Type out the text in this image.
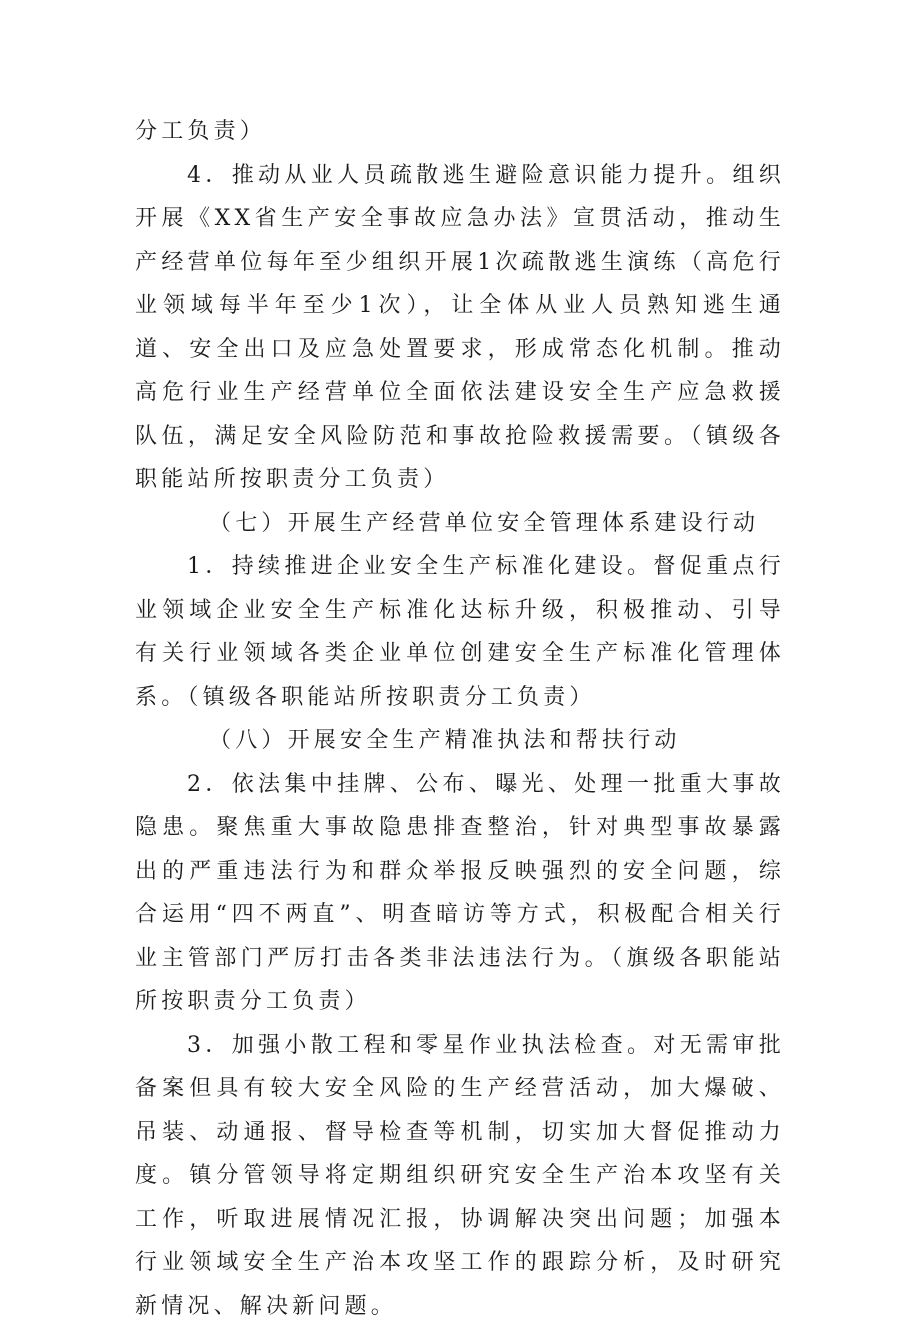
分工负责）

4．推动从业人员疏散逃生避险意识能力提升。组织开展《XX省生产安全事故应急办法》宣贯活动，推动生产经营单位每年至少组织开展1次疏散逃生演练（高危行业领域每半年至少1次），让全体从业人员熟知逃生通道、安全出口及应急处置要求，形成常态化机制。推动高危行业生产经营单位全面依法建设安全生产应急救援队伍，满足安全风险防范和事故抢险救援需要。（镇级各职能站所按职责分工负责）

（七）开展生产经营单位安全管理体系建设行动

1．持续推进企业安全生产标准化建设。督促重点行业领域企业安全生产标准化达标升级，积极推动、引导有关行业领域各类企业单位创建安全生产标准化管理体系。（镇级各职能站所按职责分工负责）

（八）开展安全生产精准执法和帮扶行动

2．依法集中挂牌、公布、曝光、处理一批重大事故隐患。聚焦重大事故隐患排查整治，针对典型事故暴露出的严重违法行为和群众举报反映强烈的安全问题，综合运用“四不两直”、明查暗访等方式，积极配合相关行业主管部门严厉打击各类非法违法行为。（旗级各职能站所按职责分工负责）

3．加强小散工程和零星作业执法检查。对无需审批备案但具有较大安全风险的生产经营活动，加大爆破、吊装、动通报、督导检查等机制，切实加大督促推动力度。镇分管领导将定期组织研究安全生产治本攻坚有关工作，听取进展情况汇报，协调解决突出问题；加强本行业领域安全生产治本攻坚工作的跟踪分析，及时研究新情况、解决新问题。
